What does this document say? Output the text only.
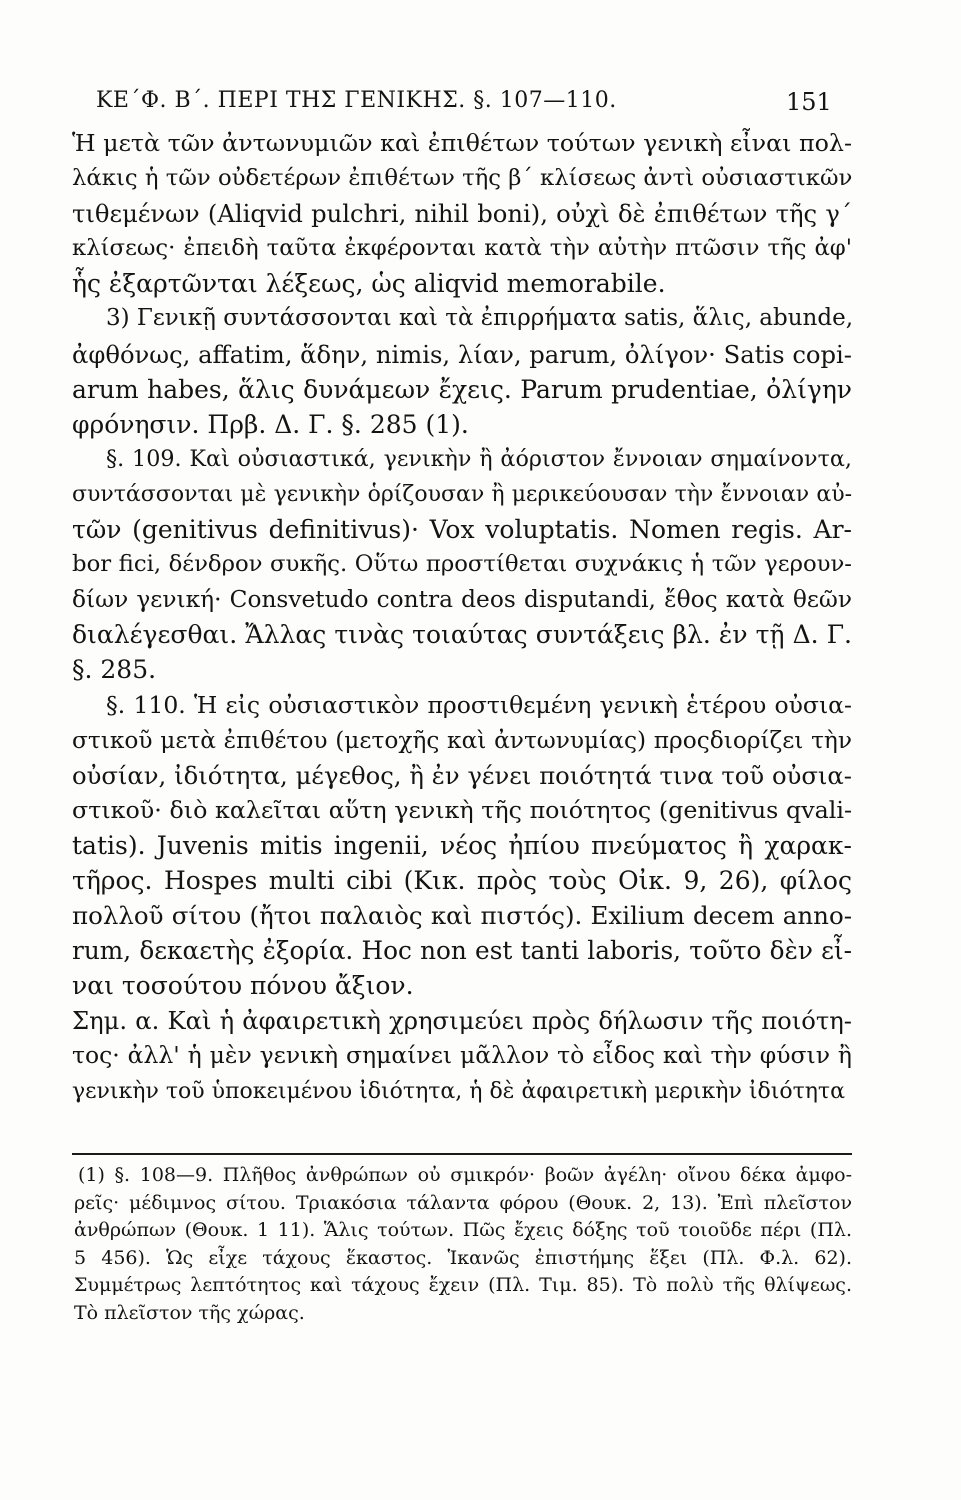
ΚΕ΄Φ. Β΄. ΠΕΡΙ ΤΗΣ ΓΕΝΙΚΗΣ. §. 107—110.	151
Ἡ μετὰ τῶν ἀντωνυμιῶν καὶ ἐπιθέτων τούτων γενικὴ εἶναι πολ-
λάκις ἡ τῶν οὐδετέρων ἐπιθέτων τῆς β΄ κλίσεως ἀντὶ οὐσιαστικῶν
τιθεμένων (Aliqvid pulchri, nihil boni), οὐχὶ δὲ ἐπιθέτων τῆς γ΄
κλίσεως· ἐπειδὴ ταῦτα ἐκφέρονται κατὰ τὴν αὐτὴν πτῶσιν τῆς ἀφ'
ἧς ἐξαρτῶνται λέξεως, ὡς aliqvid memorabile.
3) Γενικῇ συντάσσονται καὶ τὰ ἐπιρρήματα satis, ἅλις, abunde,
ἀφθόνως, affatim, ἅδην, nimis, λίαν, parum, ὀλίγον· Satis copi-
arum habes, ἅλις δυνάμεων ἔχεις. Parum prudentiae, ὀλίγην
φρόνησιν. Πρβ. Δ. Γ. §. 285 (1).
§. 109. Καὶ οὐσιαστικά, γενικὴν ἢ ἀόριστον ἔννοιαν σημαίνοντα,
συντάσσονται μὲ γενικὴν ὁρίζουσαν ἢ μερικεύουσαν τὴν ἔννοιαν αὐ-
τῶν (genitivus definitivus)· Vox voluptatis. Nomen regis. Ar-
bor fici, δένδρον συκῆς. Οὕτω προστίθεται συχνάκις ἡ τῶν γερουν-
δίων γενική· Consvetudo contra deos disputandi, ἔθος κατὰ θεῶν
διαλέγεσθαι. Ἄλλας τινὰς τοιαύτας συντάξεις βλ. ἐν τῇ Δ. Γ.
§. 285.
§. 110. Ἡ εἰς οὐσιαστικὸν προστιθεμένη γενικὴ ἑτέρου οὐσια-
στικοῦ μετὰ ἐπιθέτου (μετοχῆς καὶ ἀντωνυμίας) προςδιορίζει τὴν
οὐσίαν, ἰδιότητα, μέγεθος, ἢ ἐν γένει ποιότητά τινα τοῦ οὐσια-
στικοῦ· διὸ καλεῖται αὕτη γενικὴ τῆς ποιότητος (genitivus qvali-
tatis). Juvenis mitis ingenii, νέος ἠπίου πνεύματος ἢ χαρακ-
τῆρος. Hospes multi cibi (Κικ. πρὸς τοὺς Οἰκ. 9, 26), φίλος
πολλοῦ σίτου (ἤτοι παλαιὸς καὶ πιστός). Exilium decem anno-
rum, δεκαετὴς ἐξορία. Hoc non est tanti laboris, τοῦτο δὲν εἶ-
ναι τοσούτου πόνου ἄξιον.
Σημ. α. Καὶ ἡ ἀφαιρετικὴ χρησιμεύει πρὸς δήλωσιν τῆς ποιότη-
τος· ἀλλ' ἡ μὲν γενικὴ σημαίνει μᾶλλον τὸ εἶδος καὶ τὴν φύσιν ἢ
γενικὴν τοῦ ὑποκειμένου ἰδιότητα, ἡ δὲ ἀφαιρετικὴ μερικὴν ἰδιότητα
(1) §. 108—9. Πλῆθος ἀνθρώπων οὐ σμικρόν· βοῶν ἀγέλη· οἴνου δέκα ἀμφο-
ρεῖς· μέδιμνος σίτου. Τριακόσια τάλαντα φόρου (Θουκ. 2, 13). Ἐπὶ πλεῖστον
ἀνθρώπων (Θουκ. 1 11). Ἅλις τούτων. Πῶς ἔχεις δόξης τοῦ τοιοῦδε πέρι (Πλ.
5 456). Ὡς εἶχε τάχους ἕκαστος. Ἱκανῶς ἐπιστήμης ἕξει (Πλ. Φ.λ. 62).
Συμμέτρως λεπτότητος καὶ τάχους ἔχειν (Πλ. Τιμ. 85). Τὸ πολὺ τῆς θλίψεως.
Τὸ πλεῖστον τῆς χώρας.
